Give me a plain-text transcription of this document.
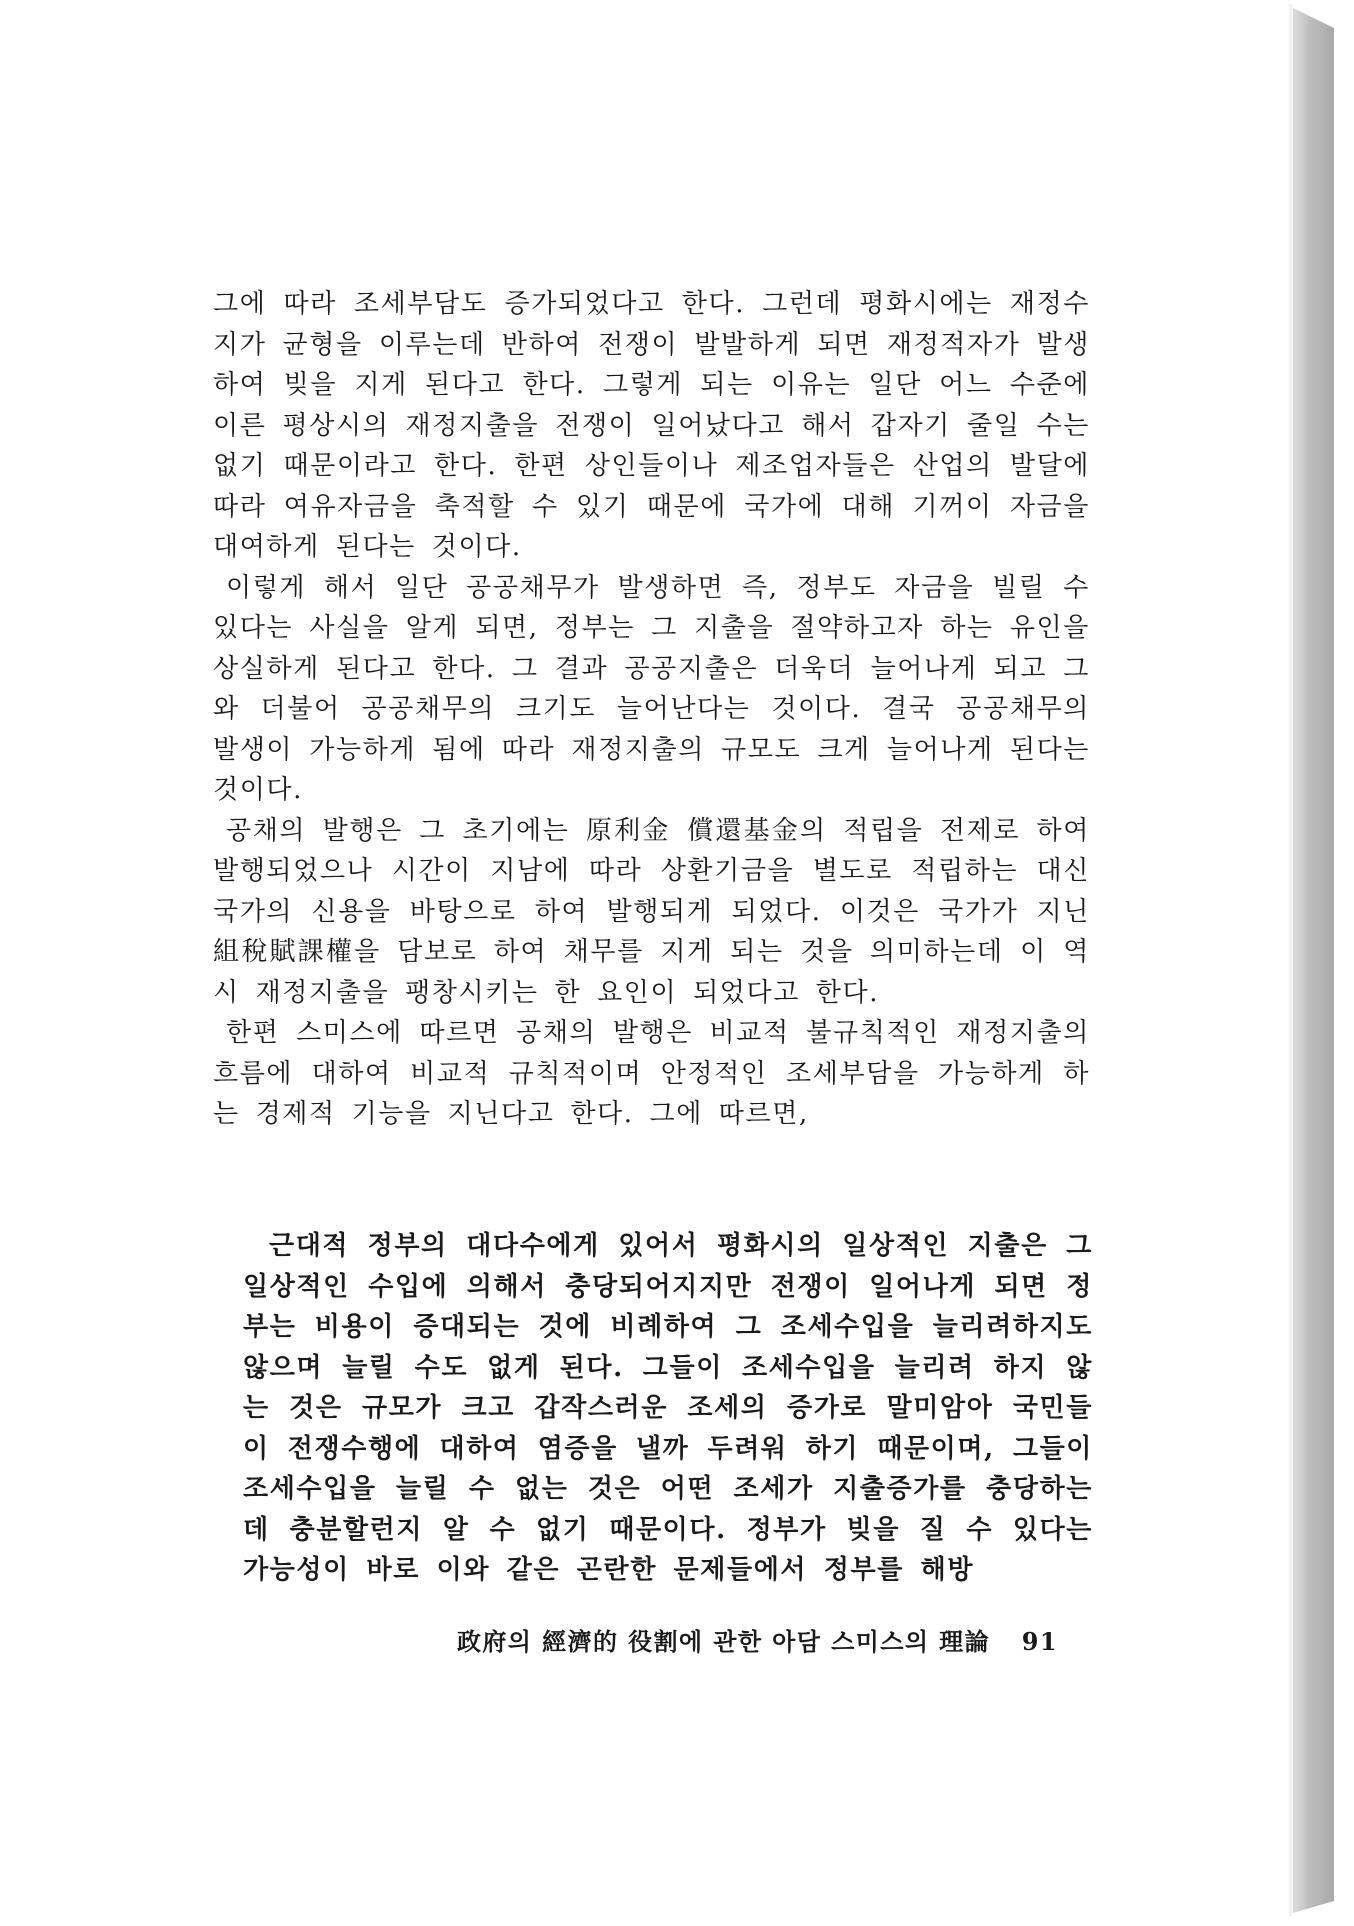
그에 따라 조세부담도 증가되었다고 한다. 그런데 평화시에는 재정수지가 균형을 이루는데 반하여 전쟁이 발발하게 되면 재정적자가 발생하여 빚을 지게 된다고 한다. 그렇게 되는 이유는 일단 어느 수준에 이른 평상시의 재정지출을 전쟁이 일어났다고 해서 갑자기 줄일 수는 없기 때문이라고 한다. 한편 상인들이나 제조업자들은 산업의 발달에 따라 여유자금을 축적할 수 있기 때문에 국가에 대해 기꺼이 자금을 대여하게 된다는 것이다.

이렇게 해서 일단 공공채무가 발생하면 즉, 정부도 자금을 빌릴 수 있다는 사실을 알게 되면, 정부는 그 지출을 절약하고자 하는 유인을 상실하게 된다고 한다. 그 결과 공공지출은 더욱더 늘어나게 되고 그와 더불어 공공채무의 크기도 늘어난다는 것이다. 결국 공공채무의 발생이 가능하게 됨에 따라 재정지출의 규모도 크게 늘어나게 된다는 것이다.

공채의 발행은 그 초기에는 原利金 償還基金의 적립을 전제로 하여 발행되었으나 시간이 지남에 따라 상환기금을 별도로 적립하는 대신 국가의 신용을 바탕으로 하여 발행되게 되었다. 이것은 국가가 지닌 組稅賦課權을 담보로 하여 채무를 지게 되는 것을 의미하는데 이 역시 재정지출을 팽창시키는 한 요인이 되었다고 한다.

한편 스미스에 따르면 공채의 발행은 비교적 불규칙적인 재정지출의 흐름에 대하여 비교적 규칙적이며 안정적인 조세부담을 가능하게 하는 경제적 기능을 지닌다고 한다. 그에 따르면,

근대적 정부의 대다수에게 있어서 평화시의 일상적인 지출은 그 일상적인 수입에 의해서 충당되어지지만 전쟁이 일어나게 되면 정부는 비용이 증대되는 것에 비례하여 그 조세수입을 늘리려하지도 않으며 늘릴 수도 없게 된다. 그들이 조세수입을 늘리려 하지 않는 것은 규모가 크고 갑작스러운 조세의 증가로 말미암아 국민들이 전쟁수행에 대하여 염증을 낼까 두려워 하기 때문이며, 그들이 조세수입을 늘릴 수 없는 것은 어떤 조세가 지출증가를 충당하는데 충분할런지 알 수 없기 때문이다. 정부가 빚을 질 수 있다는 가능성이 바로 이와 같은 곤란한 문제들에서 정부를 해방

政府의 經濟的 役割에 관한 아담 스미스의 理論 91
